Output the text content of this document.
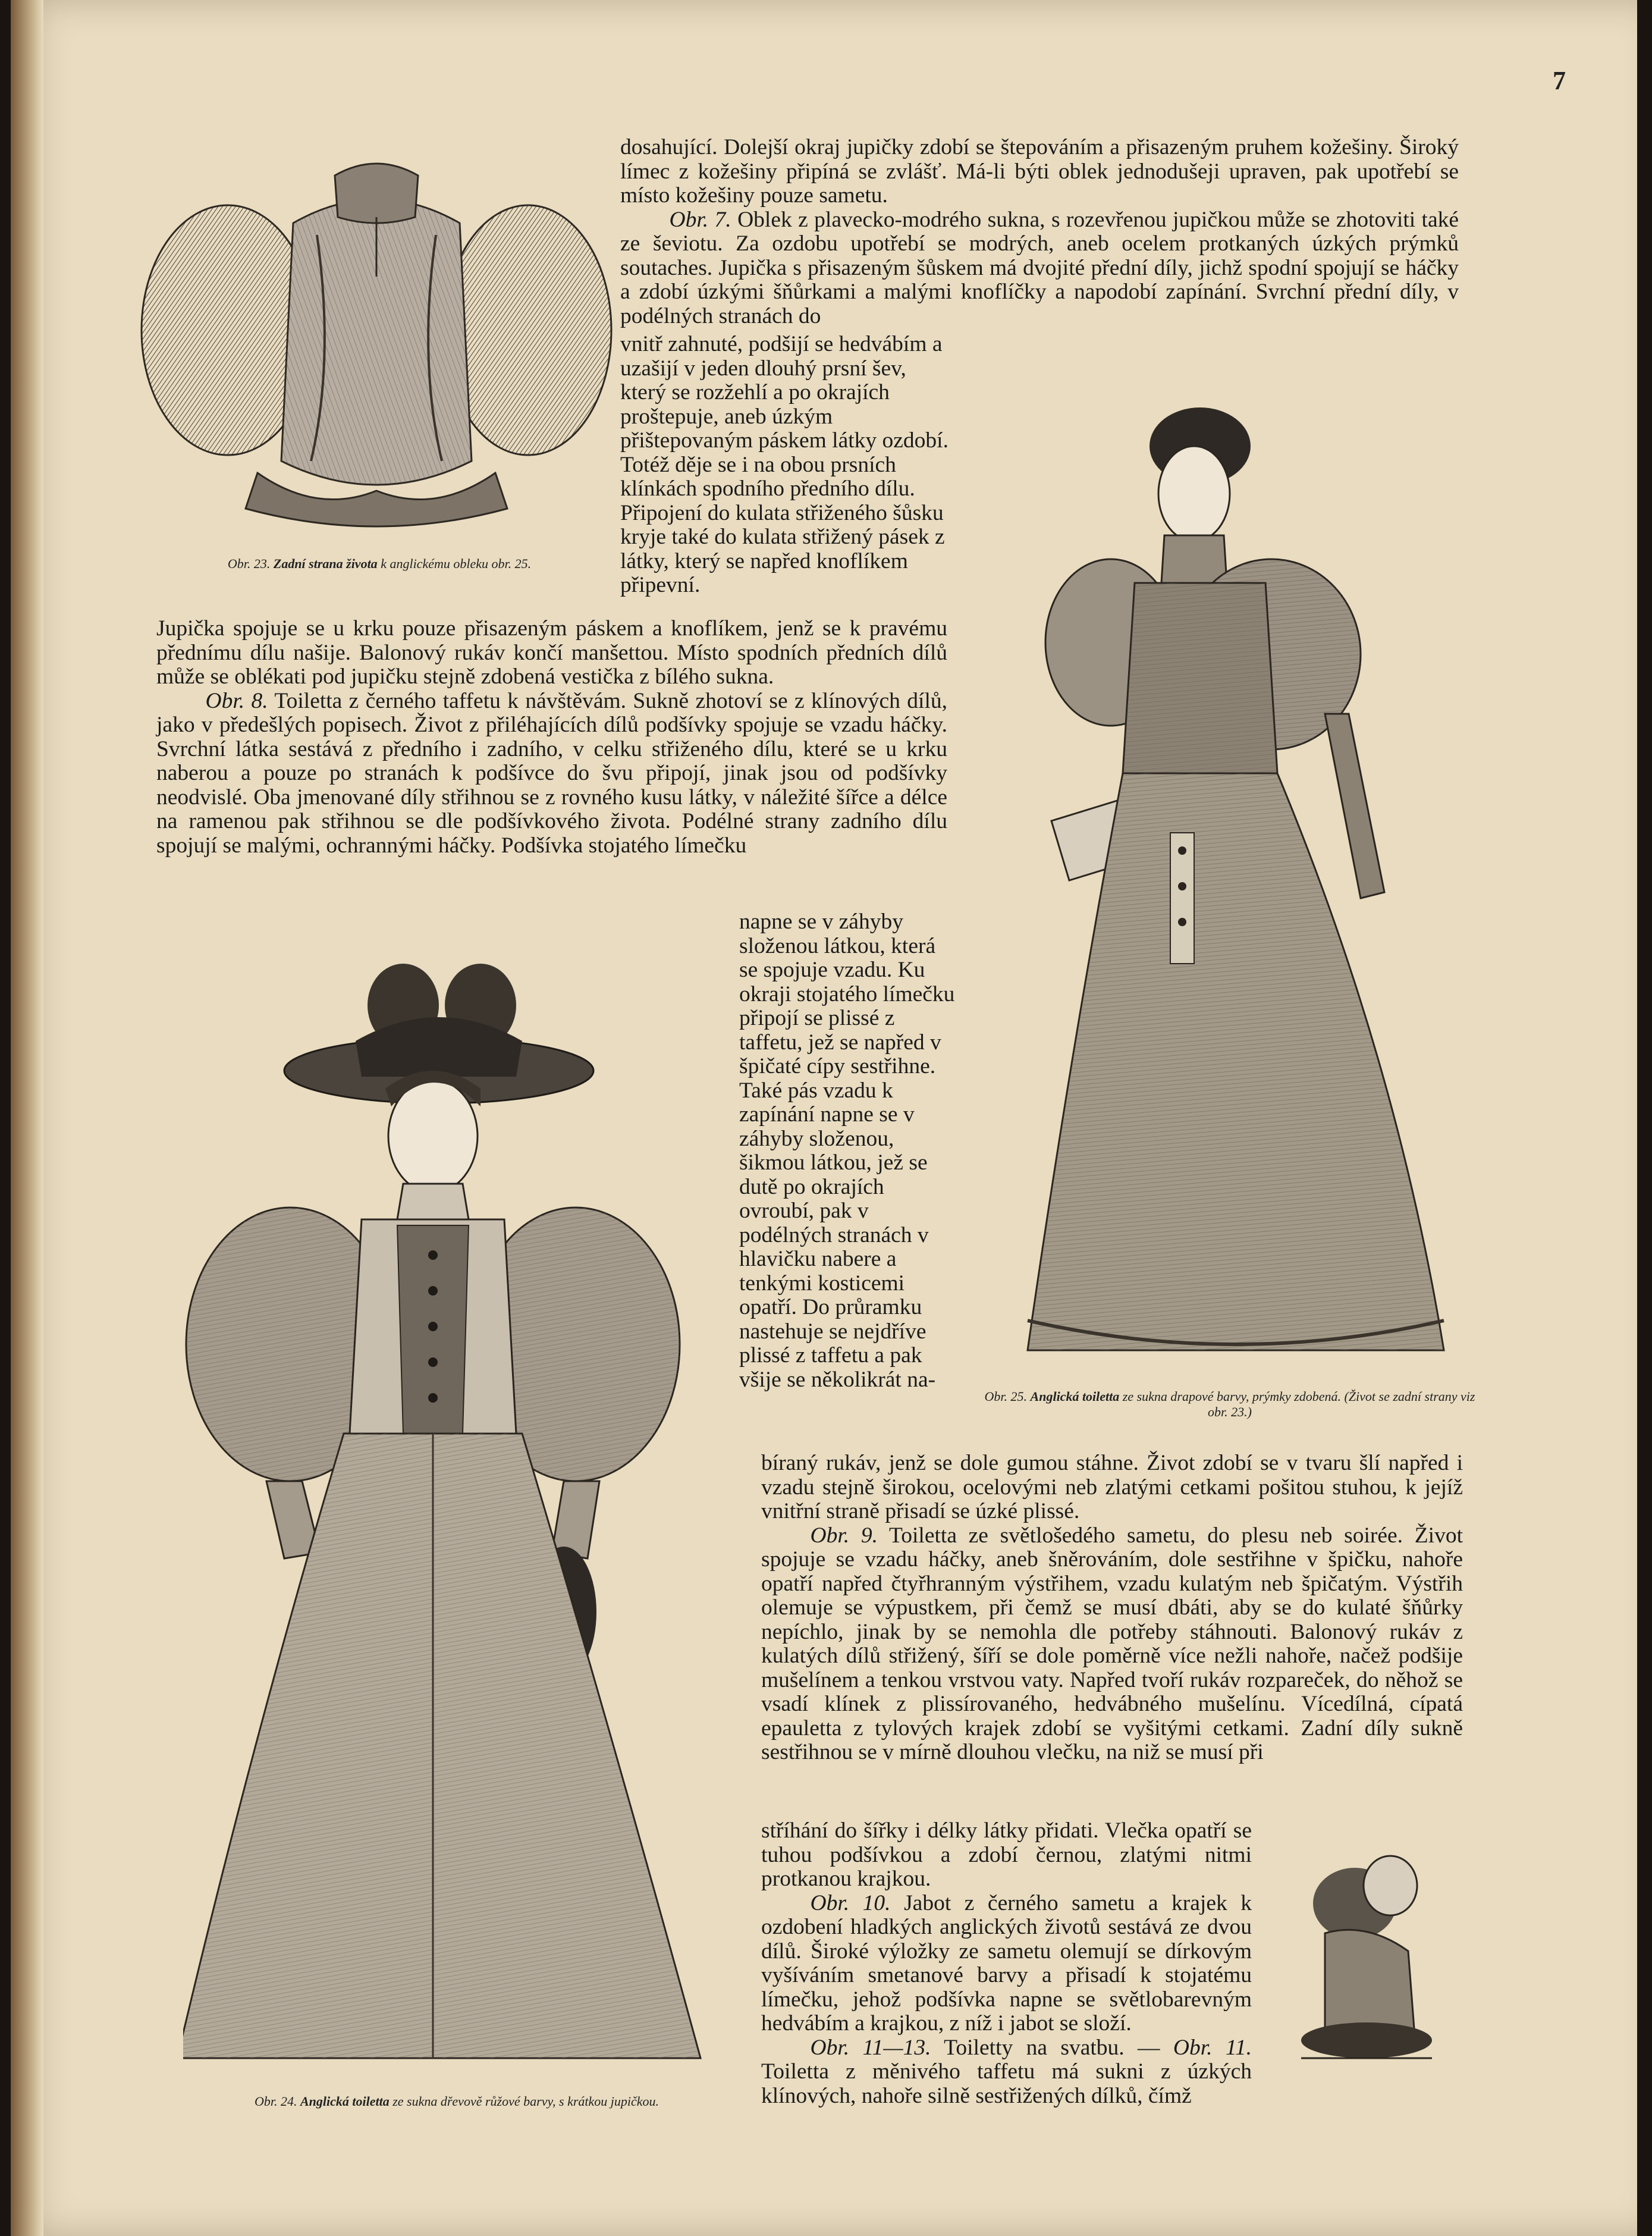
7
Obr. 23. Zadní strana života k anglickému obleku obr. 25.

dosahující. Dolejší okraj jupičky zdobí se štepováním a přisazeným pruhem kožešiny. Široký límec z kožešiny připíná se zvlášť. Má-li býti oblek jednodušeji upraven, pak upotřebí se místo kožešiny pouze sametu.

Obr. 7. Oblek z plavecko-modrého sukna, s rozevřenou jupičkou může se zhotoviti také ze ševiotu. Za ozdobu upotřebí se modrých, aneb ocelem protkaných úzkých prýmků soutaches. Jupička s přisazeným šůskem má dvojité přední díly, jichž spodní spojují se háčky a zdobí úzkými šňůrkami a malými knoflíčky a napodobí zapínání. Svrchní přední díly, v podélných stranách do

vnitř zahnuté, podšijí se hedvábím a uzašijí v jeden dlouhý prsní šev, který se rozžehlí a po okrajích proštepuje, aneb úzkým přištepovaným páskem látky ozdobí. Totéž děje se i na obou prsních klínkách spodního předního dílu. Připojení do kulata střiženého šůsku kryje také do kulata střižený pásek z látky, který se napřed knoflíkem připevní.

Jupička spojuje se u krku pouze přisazeným páskem a knoflíkem, jenž se k pravému přednímu dílu našije. Balonový rukáv končí manšettou. Místo spodních předních dílů může se oblékati pod jupičku stejně zdobená vestička z bílého sukna.

Obr. 8. Toiletta z černého taffetu k návštěvám. Sukně zhotoví se z klínových dílů, jako v předešlých popisech. Život z přiléhajících dílů podšívky spojuje se vzadu háčky. Svrchní látka sestává z předního i zadního, v celku střiženého dílu, které se u krku naberou a pouze po stranách k podšívce do švu připojí, jinak jsou od podšívky neodvislé. Oba jmenované díly střihnou se z rovného kusu látky, v náležité šířce a délce na ramenou pak střihnou se dle podšívkového života. Podélné strany zadního dílu spojují se malými, ochrannými háčky. Podšívka stojatého límečku

napne se v záhyby složenou látkou, která se spojuje vzadu. Ku okraji stojatého límečku připojí se plissé z taffetu, jež se napřed v špičaté cípy sestřihne. Také pás vzadu k zapínání napne se v záhyby složenou, šikmou látkou, jež se dutě po okrajích ovroubí, pak v podélných stranách v hlavičku nabere a tenkými kosticemi opatří. Do průramku nastehuje se nejdříve plissé z taffetu a pak všije se několikrát na-
Obr. 24. Anglická toiletta ze sukna dřevově růžové barvy, s krátkou jupičkou.
Obr. 25. Anglická toiletta ze sukna drapové barvy, prýmky zdobená. (Život se zadní strany viz obr. 23.)

bíraný rukáv, jenž se dole gumou stáhne. Život zdobí se v tvaru šlí napřed i vzadu stejně širokou, ocelovými neb zlatými cetkami pošitou stuhou, k jejíž vnitřní straně přisadí se úzké plissé.

Obr. 9. Toiletta ze světlošedého sametu, do plesu neb soirée. Život spojuje se vzadu háčky, aneb šněrováním, dole sestřihne v špičku, nahoře opatří napřed čtyřhranným výstřihem, vzadu kulatým neb špičatým. Výstřih olemuje se výpustkem, při čemž se musí dbáti, aby se do kulaté šňůrky nepíchlo, jinak by se nemohla dle potřeby stáhnouti. Balonový rukáv z kulatých dílů střižený, šíří se dole poměrně více nežli nahoře, načež podšije mušelínem a tenkou vrstvou vaty. Napřed tvoří rukáv rozpareček, do něhož se vsadí klínek z plissírovaného, hedvábného mušelínu. Vícedílná, cípatá epauletta z tylových krajek zdobí se vyšitými cetkami. Zadní díly sukně sestřihnou se v mírně dlouhou vlečku, na niž se musí při

stříhání do šířky i délky látky přidati. Vlečka opatří se tuhou podšívkou a zdobí černou, zlatými nitmi protkanou krajkou.

Obr. 10. Jabot z černého sametu a krajek k ozdobení hladkých anglických životů sestává ze dvou dílů. Široké výložky ze sametu olemují se dírkovým vyšíváním smetanové barvy a přisadí k stojatému límečku, jehož podšívka napne se světlobarevným hedvábím a krajkou, z níž i jabot se složí.

Obr. 11—13. Toiletty na svatbu. — Obr. 11. Toiletta z měnivého taffetu má sukni z úzkých klínových, nahoře silně sestřižených dílků, čímž
